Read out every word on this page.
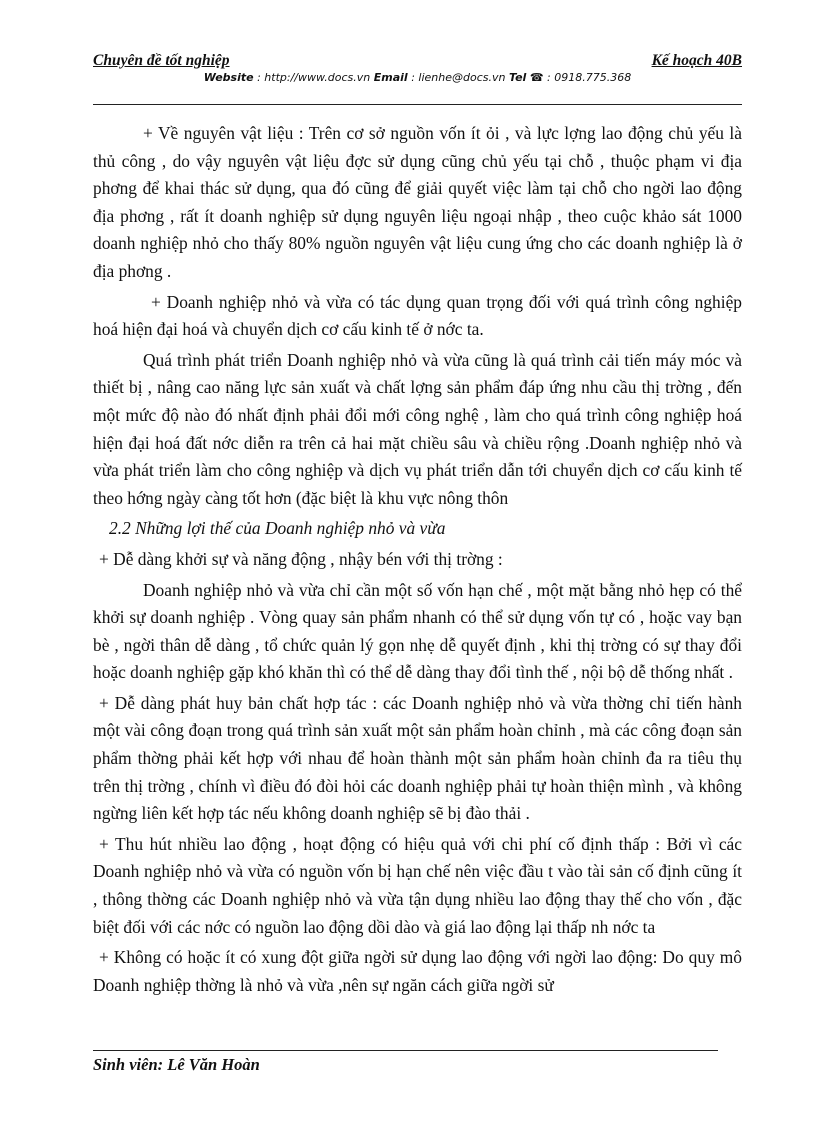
Chuyên đề tốt nghiệp	Kế hoạch 40B
Website : http://www.docs.vn Email : lienhe@docs.vn Tel ☎ : 0918.775.368

+ Về nguyên vật liệu : Trên cơ sở nguồn vốn ít ỏi , và lực lợng lao động chủ yếu là thủ công , do vậy nguyên vật liệu đợc sử dụng cũng chủ yếu tại chỗ , thuộc phạm vi địa phơng để khai thác sử dụng, qua đó cũng để giải quyết việc làm tại chỗ cho ngời lao động địa phơng , rất ít doanh nghiệp sử dụng nguyên liệu ngoại nhập , theo cuộc khảo sát 1000 doanh nghiệp nhỏ cho thấy 80% nguồn nguyên vật liệu cung ứng cho các doanh nghiệp là ở địa phơng .

+ Doanh nghiệp nhỏ và vừa có tác dụng quan trọng đối với quá trình công nghiệp hoá hiện đại hoá và chuyển dịch cơ cấu kinh tế ở nớc ta.

Quá trình phát triển Doanh nghiệp nhỏ và vừa cũng là quá trình cải tiến máy móc và thiết bị , nâng cao năng lực sản xuất và chất lợng sản phẩm đáp ứng nhu cầu thị trờng , đến một mức độ nào đó nhất định phải đổi mới công nghệ , làm cho quá trình công nghiệp hoá hiện đại hoá đất nớc diễn ra trên cả hai mặt chiều sâu và chiều rộng .Doanh nghiệp nhỏ và vừa phát triển làm cho công nghiệp và dịch vụ phát triển dẫn tới chuyển dịch cơ cấu kinh tế theo hớng ngày càng tốt hơn (đặc biệt là khu vực nông thôn

2.2 Những lợi thế của Doanh nghiệp nhỏ và vừa

+ Dễ dàng khởi sự và năng động , nhậy bén với thị trờng :

Doanh nghiệp nhỏ và vừa chỉ cần một số vốn hạn chế , một mặt bằng nhỏ hẹp có thể khởi sự doanh nghiệp . Vòng quay sản phẩm nhanh có thể sử dụng vốn tự có , hoặc vay bạn bè , ngời thân dễ dàng , tổ chức quản lý gọn nhẹ dễ quyết định , khi thị trờng có sự thay đổi hoặc doanh nghiệp gặp khó khăn thì có thể dễ dàng thay đổi tình thế , nội bộ dễ thống nhất .

+ Dễ dàng phát huy bản chất hợp tác : các Doanh nghiệp nhỏ và vừa thờng chỉ tiến hành một vài công đoạn trong quá trình sản xuất một sản phẩm hoàn chỉnh , mà các công đoạn sản phẩm thờng phải kết hợp với nhau để hoàn thành một sản phẩm hoàn chỉnh đa ra tiêu thụ trên thị trờng , chính vì điều đó đòi hỏi các doanh nghiệp phải tự hoàn thiện mình , và không ngừng liên kết hợp tác nếu không doanh nghiệp sẽ bị đào thải .

+ Thu hút nhiều lao động , hoạt động có hiệu quả với chi phí cố định thấp : Bởi vì các Doanh nghiệp nhỏ và vừa có nguồn vốn bị hạn chế nên việc đầu t vào tài sản cố định cũng ít , thông thờng các Doanh nghiệp nhỏ và vừa tận dụng nhiều lao động thay thế cho vốn , đặc biệt đối với các nớc có nguồn lao động dồi dào và giá lao động lại thấp nh nớc ta

+ Không có hoặc ít có xung đột giữa ngời sử dụng lao động với ngời lao động: Do quy mô Doanh nghiệp thờng là nhỏ và vừa ,nên sự ngăn cách giữa ngời sử

Sinh viên: Lê Văn Hoàn
